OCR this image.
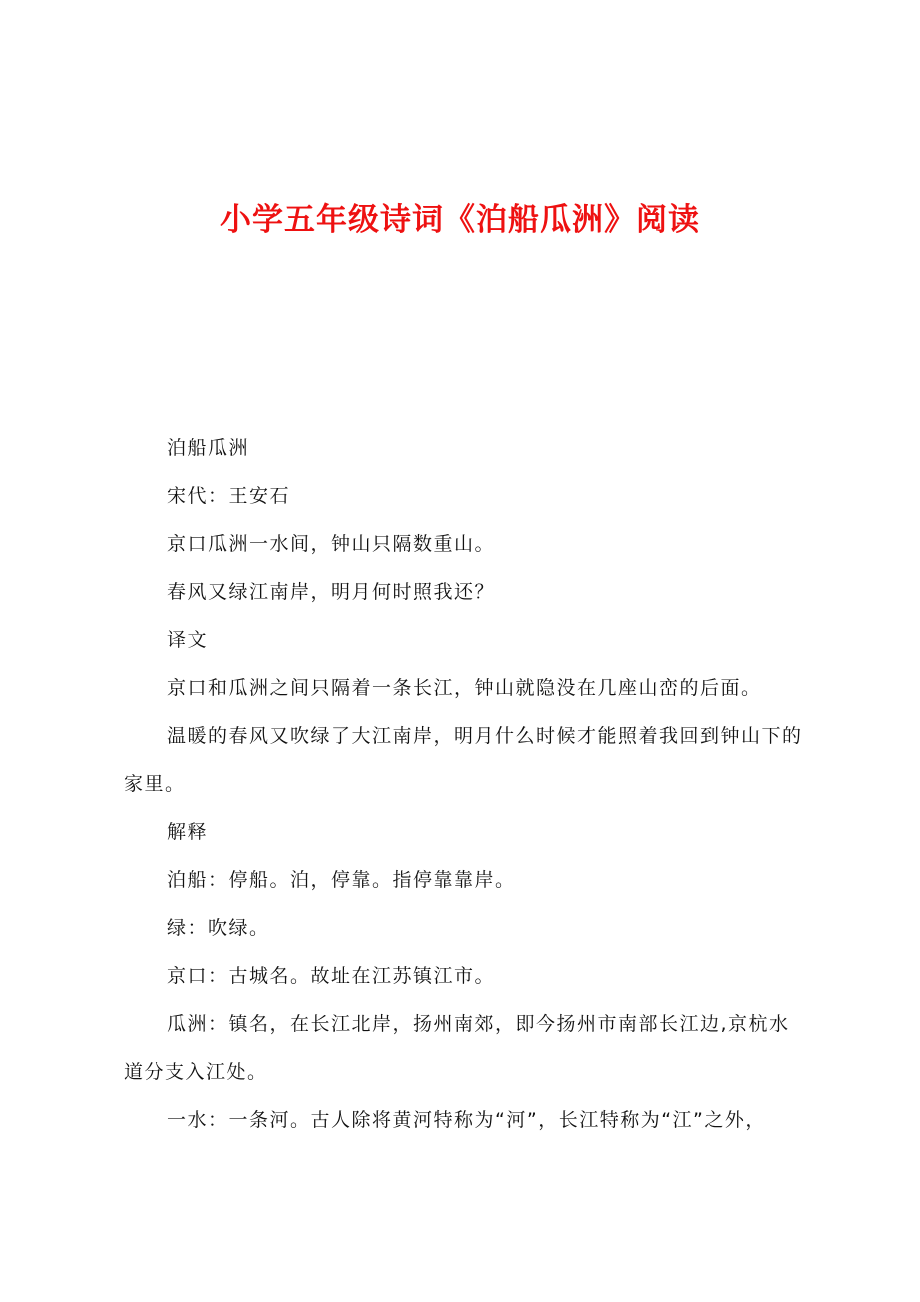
小学五年级诗词《泊船瓜洲》阅读

泊船瓜洲

宋代：王安石

京口瓜洲一水间，钟山只隔数重山。

春风又绿江南岸，明月何时照我还？

译文

京口和瓜洲之间只隔着一条长江，钟山就隐没在几座山峦的后面。

温暖的春风又吹绿了大江南岸，明月什么时候才能照着我回到钟山下的家里。

解释

泊船：停船。泊，停靠。指停靠靠岸。

绿：吹绿。

京口：古城名。故址在江苏镇江市。

瓜洲：镇名，在长江北岸，扬州南郊，即今扬州市南部长江边,京杭水道分支入江处。

一水：一条河。古人除将黄河特称为“河”，长江特称为“江”之外，
